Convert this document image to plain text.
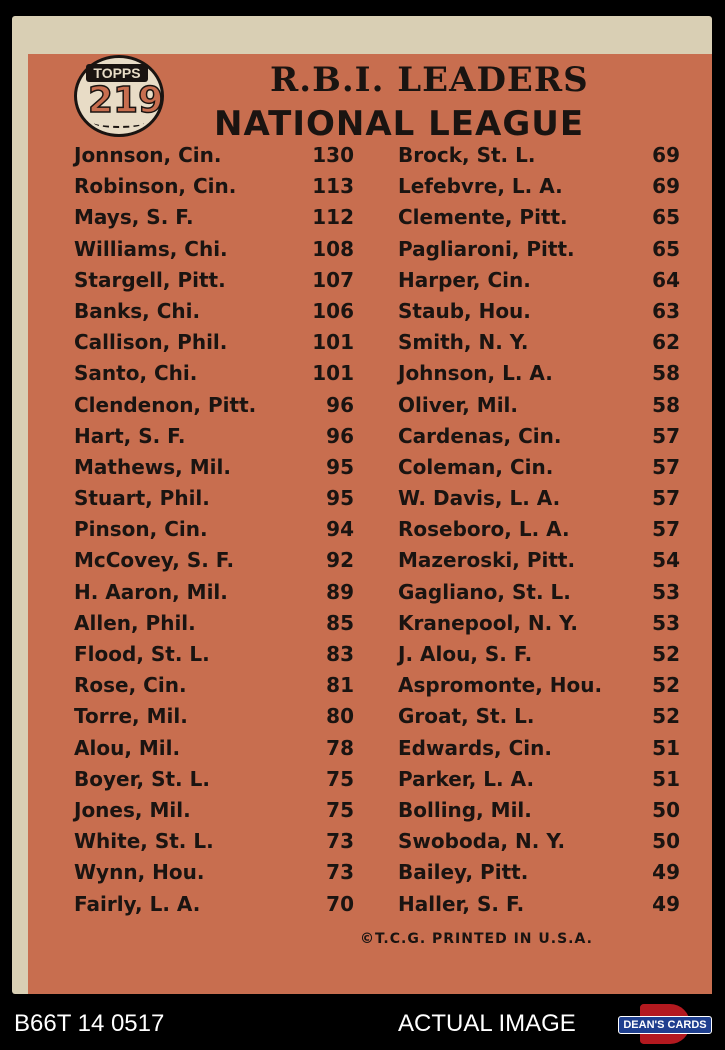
TOPPS
219	R.B.I. LEADERS
NATIONAL LEAGUE
Jonnson, Cin.	130
Robinson, Cin.	113
Mays, S. F.	112
Williams, Chi.	108
Stargell, Pitt.	107
Banks, Chi.	106
Callison, Phil.	101
Santo, Chi.	101
Clendenon, Pitt.	96
Hart, S. F.	96
Mathews, Mil.	95
Stuart, Phil.	95
Pinson, Cin.	94
McCovey, S. F.	92
H. Aaron, Mil.	89
Allen, Phil.	85
Flood, St. L.	83
Rose, Cin.	81
Torre, Mil.	80
Alou, Mil.	78
Boyer, St. L.	75
Jones, Mil.	75
White, St. L.	73
Wynn, Hou.	73
Fairly, L. A.	70
Brock, St. L.	69
Lefebvre, L. A.	69
Clemente, Pitt.	65
Pagliaroni, Pitt.	65
Harper, Cin.	64
Staub, Hou.	63
Smith, N. Y.	62
Johnson, L. A.	58
Oliver, Mil.	58
Cardenas, Cin.	57
Coleman, Cin.	57
W. Davis, L. A.	57
Roseboro, L. A.	57
Mazeroski, Pitt.	54
Gagliano, St. L.	53
Kranepool, N. Y.	53
J. Alou, S. F.	52
Aspromonte, Hou.	52
Groat, St. L.	52
Edwards, Cin.	51
Parker, L. A.	51
Bolling, Mil.	50
Swoboda, N. Y.	50
Bailey, Pitt.	49
Haller, S. F.	49
©T.C.G. PRINTED IN U.S.A.
B66T 14 0517	ACTUAL IMAGE	DEAN'S CARDS
